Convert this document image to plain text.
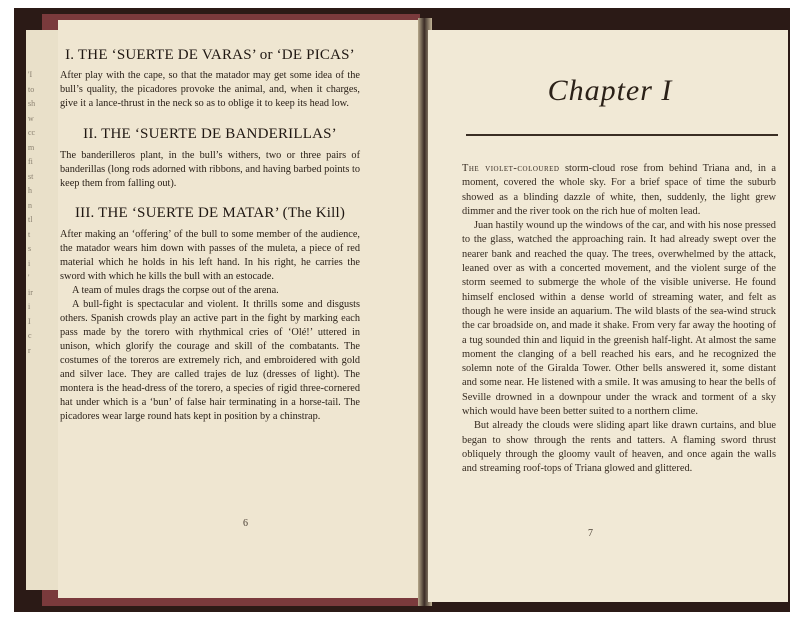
'I
to
sh
w
cc
m
fi
st
h
n
tl
t
s
i
'
ir
i
I
c
r
I. THE ‘SUERTE DE VARAS’ or ‘DE PICAS’

After play with the cape, so that the matador may get some idea of the bull’s quality, the picadores provoke the animal, and, when it charges, give it a lance-thrust in the neck so as to oblige it to keep its head low.

II. THE ‘SUERTE DE BANDERILLAS’

The banderilleros plant, in the bull’s withers, two or three pairs of banderillas (long rods adorned with ribbons, and having barbed points to keep them from falling out).

III. THE ‘SUERTE DE MATAR’ (The Kill)

After making an ‘offering’ of the bull to some member of the audience, the matador wears him down with passes of the muleta, a piece of red material which he holds in his left hand. In his right, he carries the sword with which he kills the bull with an estocade.

A team of mules drags the corpse out of the arena.

A bull-fight is spectacular and violent. It thrills some and disgusts others. Spanish crowds play an active part in the fight by marking each pass made by the torero with rhythmical cries of ‘Olé!’ uttered in unison, which glorify the courage and skill of the combatants. The costumes of the toreros are extremely rich, and embroidered with gold and silver lace. They are called trajes de luz (dresses of light). The montera is the head-dress of the torero, a species of rigid three-cornered hat under which is a ‘bun’ of false hair terminating in a horse-tail. The picadores wear large round hats kept in position by a chinstrap.

6
Chapter I

The violet-coloured storm-cloud rose from behind Triana and, in a moment, covered the whole sky. For a brief space of time the suburb showed as a blinding dazzle of white, then, suddenly, the light grew dimmer and the river took on the rich hue of molten lead.

Juan hastily wound up the windows of the car, and with his nose pressed to the glass, watched the approaching rain. It had already swept over the nearer bank and reached the quay. The trees, overwhelmed by the attack, leaned over as with a concerted movement, and the violent surge of the storm seemed to submerge the whole of the visible universe. He found himself enclosed within a dense world of streaming water, and felt as though he were inside an aquarium. The wild blasts of the sea-wind struck the car broadside on, and made it shake. From very far away the hooting of a tug sounded thin and liquid in the greenish half-light. At almost the same moment the clanging of a bell reached his ears, and he recognized the solemn note of the Giralda Tower. Other bells answered it, some distant and some near. He listened with a smile. It was amusing to hear the bells of Seville drowned in a downpour under the wrack and torment of a sky which would have been better suited to a northern clime.

But already the clouds were sliding apart like drawn curtains, and blue began to show through the rents and tatters. A flaming sword thrust obliquely through the gloomy vault of heaven, and once again the walls and streaming roof-tops of Triana glowed and glittered.

7
